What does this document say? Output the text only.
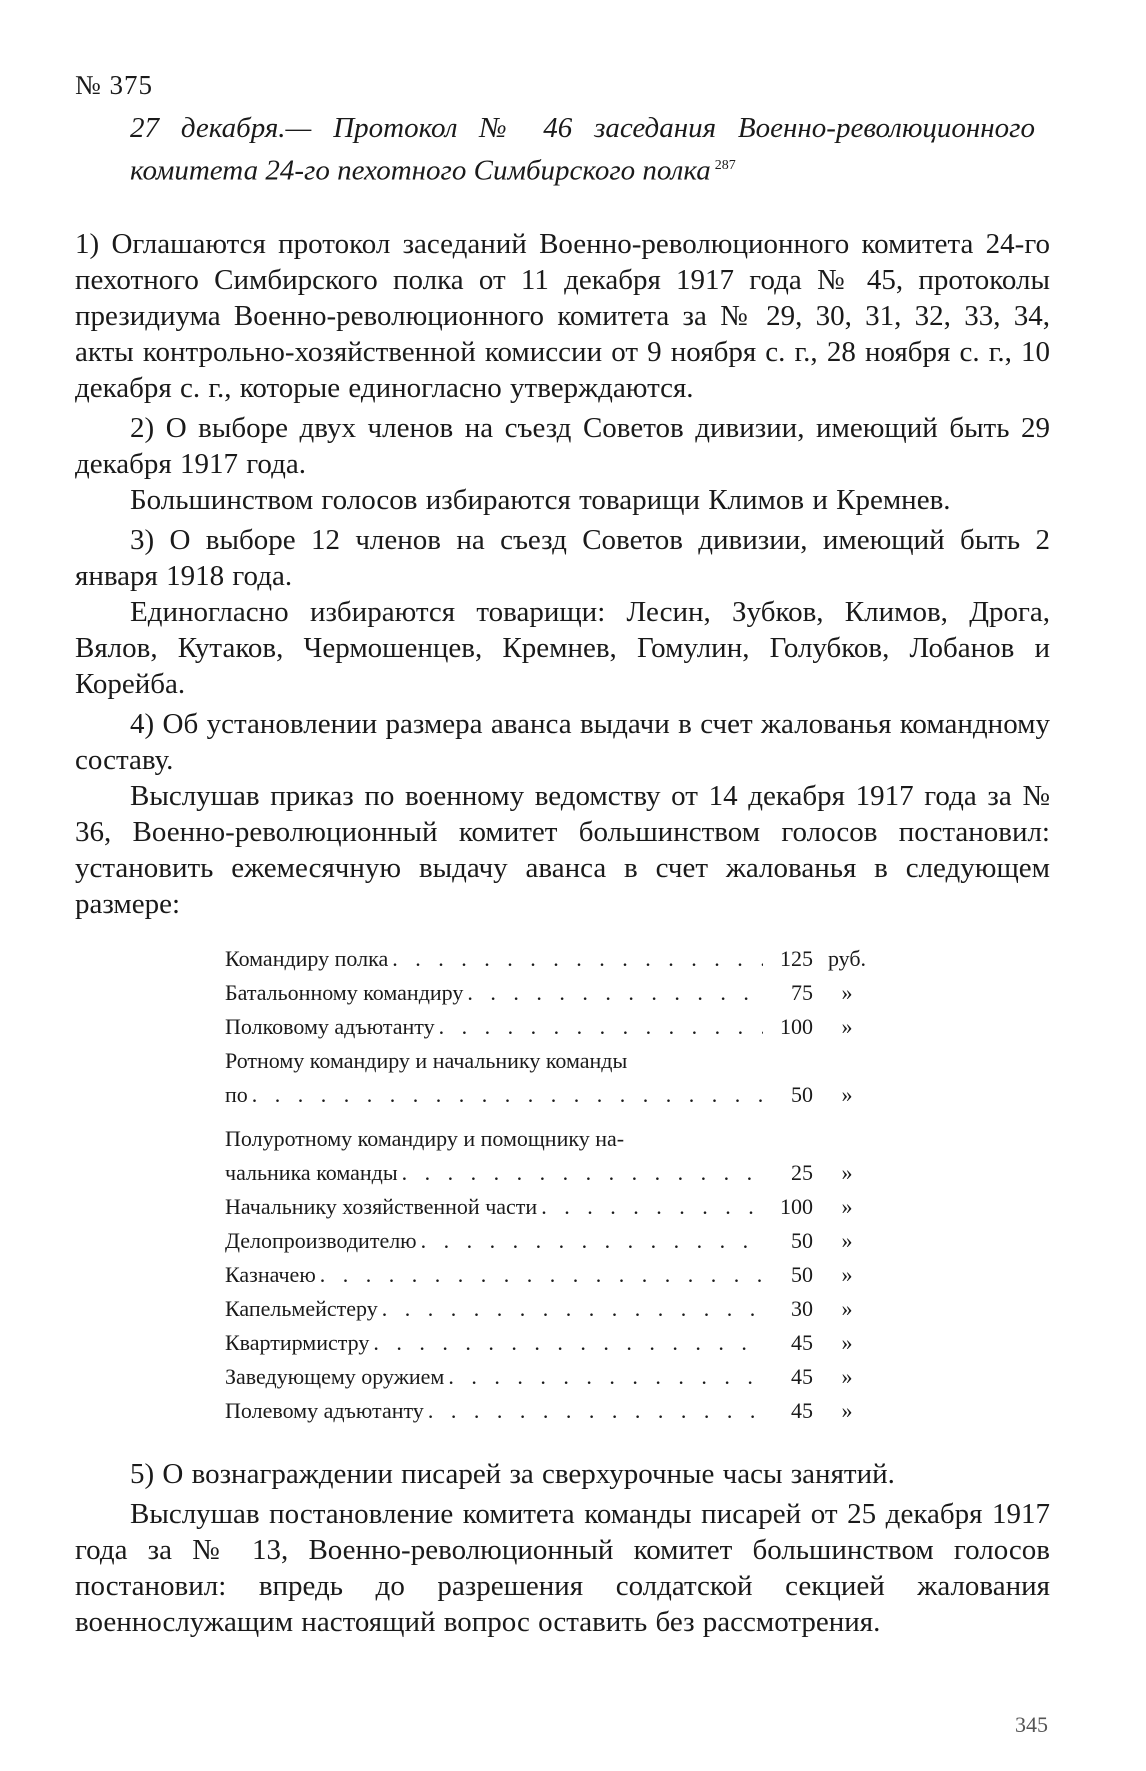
№ 375
27 декабря.— Протокол № 46 заседания Военно-революционного комитета 24-го пехотного Симбирского полка $^{287}$

1) Оглашаются протокол заседаний Военно-революционного комитета 24-го пехотного Симбирского полка от 11 декабря 1917 года № 45, протоколы президиума Военно-революционного комитета за № 29, 30, 31, 32, 33, 34, акты контрольно-хозяйственной комиссии от 9 ноября с. г., 28 ноября с. г., 10 декабря с. г., которые единогласно утверждаются.

2) О выборе двух членов на съезд Советов дивизии, имеющий быть 29 декабря 1917 года.

Большинством голосов избираются товарищи Климов и Кремнев.

3) О выборе 12 членов на съезд Советов дивизии, имеющий быть 2 января 1918 года.

Единогласно избираются товарищи: Лесин, Зубков, Климов, Дрога, Вялов, Кутаков, Чермошенцев, Кремнев, Гомулин, Голубков, Лобанов и Корейба.

4) Об установлении размера аванса выдачи в счет жалованья командному составу.

Выслушав приказ по военному ведомству от 14 декабря 1917 года за № 36, Военно-революционный комитет большинством голосов постановил: установить ежемесячную выдачу аванса в счет жалованья в следующем размере:

Командиру полка . . .	125 руб.
Батальонному командиру . . .	75	»
Полковому адъютанту . . .	100	»
Ротному командиру и начальнику команды
по . . .	50	»
Полуротному командиру и помощнику на-
чальника команды . . .	25	»
Начальнику хозяйственной части . . .	100	»
Делопроизводителю . . .	50	»
Казначею . . .	50	»
Капельмейстеру . . .	30	»
Квартирмистру . . .	45	»
Заведующему оружием . . .	45	»
Полевому адъютанту . . .	45	»

5) О вознаграждении писарей за сверхурочные часы занятий.

Выслушав постановление комитета команды писарей от 25 декабря 1917 года за № 13, Военно-революционный комитет большинством голосов постановил: впредь до разрешения солдатской секцией жалования военнослужащим настоящий вопрос оставить без рассмотрения.

345
